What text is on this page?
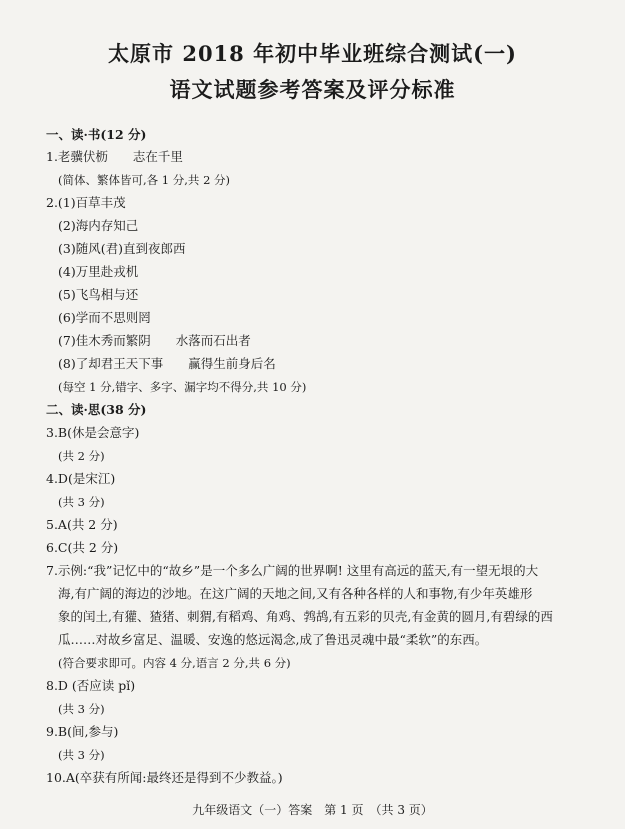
太原市 2018 年初中毕业班综合测试(一)
语文试题参考答案及评分标准
一、读·书(12 分)
1.老骥伏枥　　志在千里
(简体、繁体皆可,各 1 分,共 2 分)
2.(1)百草丰茂
(2)海内存知己
(3)随风(君)直到夜郎西
(4)万里赴戎机
(5)飞鸟相与还
(6)学而不思则罔
(7)佳木秀而繁阴　　水落而石出者
(8)了却君王天下事　　赢得生前身后名
(每空 1 分,错字、多字、漏字均不得分,共 10 分)
二、读·思(38 分)
3.B(休是会意字)
(共 2 分)
4.D(是宋江)
(共 3 分)
5.A(共 2 分)
6.C(共 2 分)
7.示例:“我”记忆中的“故乡”是一个多么广阔的世界啊! 这里有高远的蓝天,有一望无垠的大
海,有广阔的海边的沙地。在这广阔的天地之间,又有各种各样的人和事物,有少年英雄形
象的闰土,有獾、猹猪、刺猬,有稻鸡、角鸡、鹁鸪,有五彩的贝壳,有金黄的圆月,有碧绿的西
瓜……对故乡富足、温暖、安逸的悠远渴念,成了鲁迅灵魂中最“柔软”的东西。
(符合要求即可。内容 4 分,语言 2 分,共 6 分)
8.D (否应读 pǐ)
(共 3 分)
9.B(间,参与)
(共 3 分)
10.A(卒获有所闻:最终还是得到不少教益。)
九年级语文（一）答案　第 1 页　（共 3 页）
